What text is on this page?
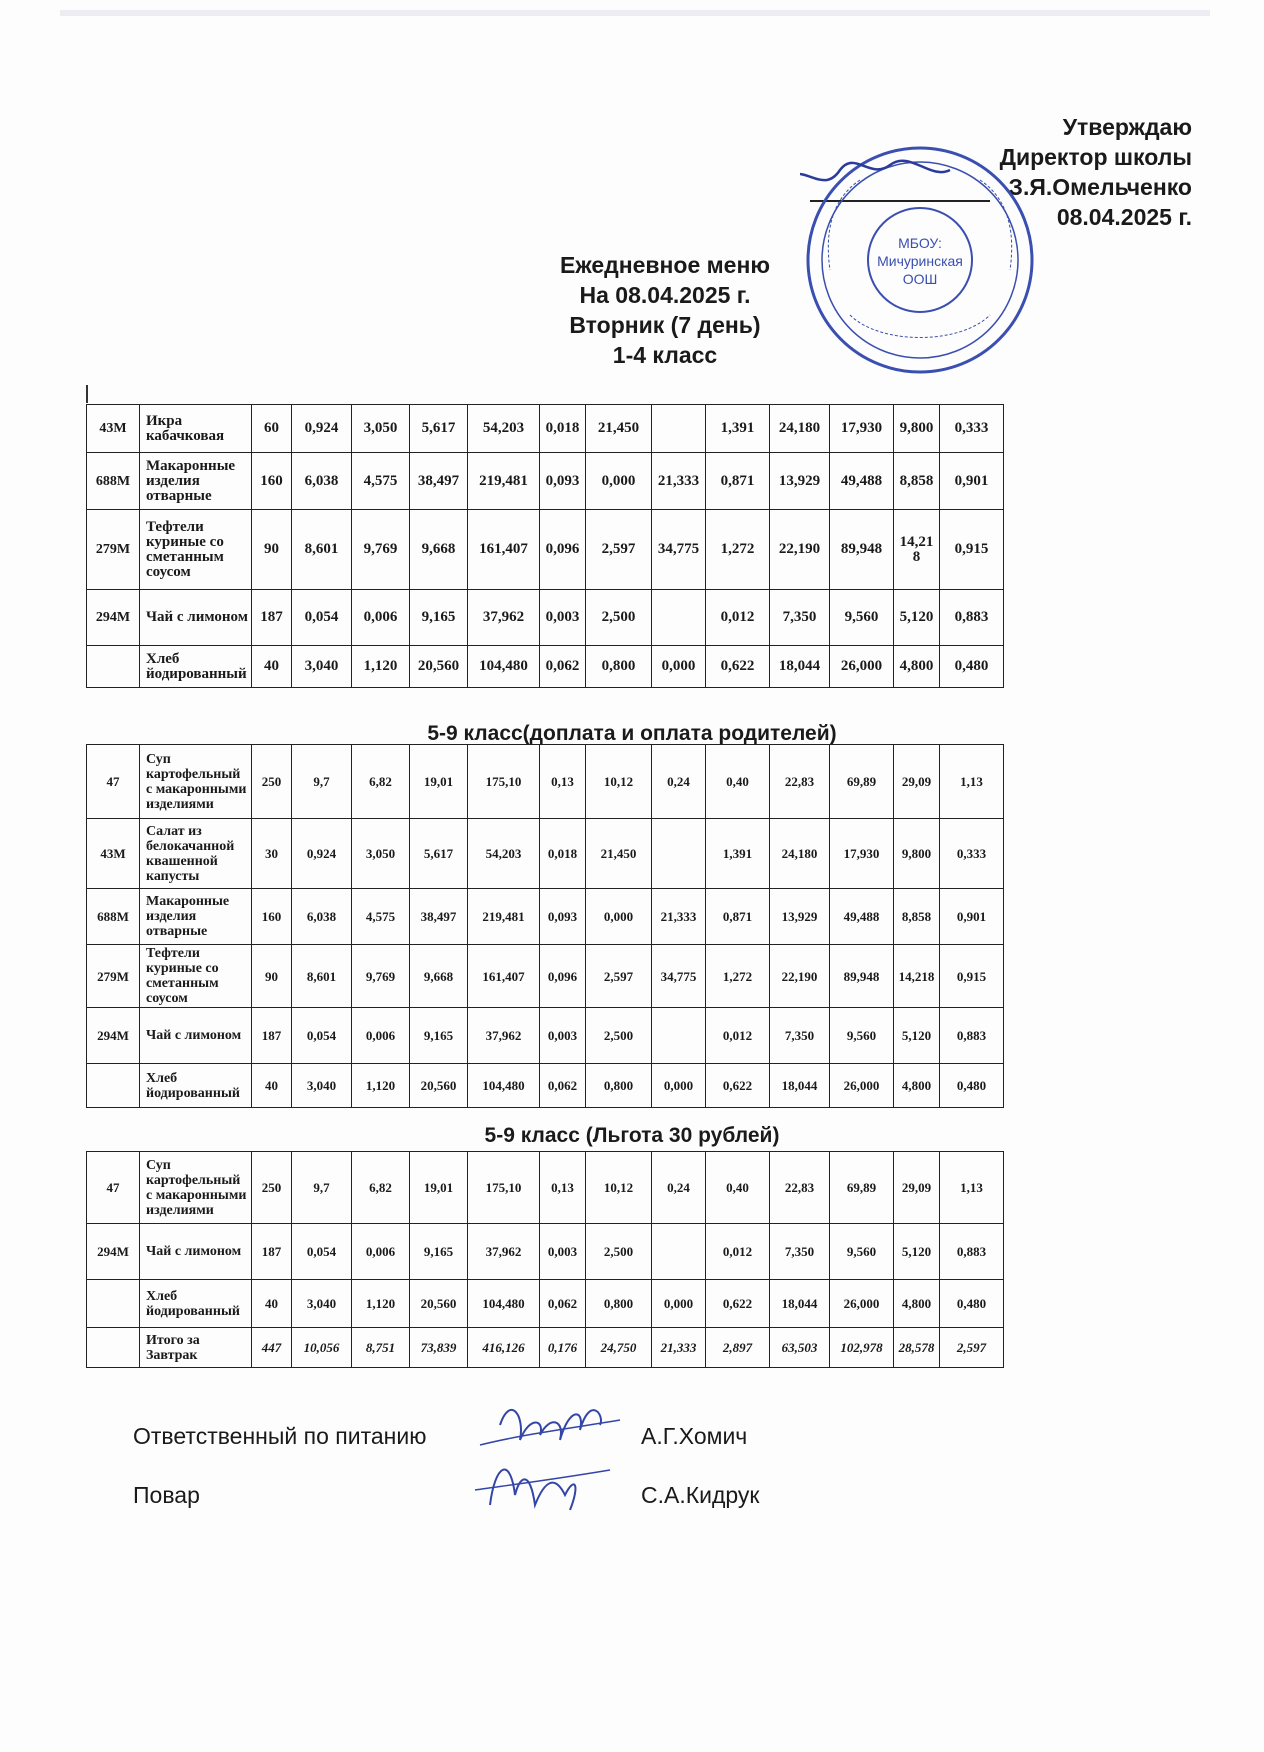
Утверждаю
Директор школы
З.Я.Омельченко
08.04.2025 г.
МБОУ:
Мичуринская
ООШ
Ежедневное меню
На 08.04.2025 г.
Вторник (7 день)
1-4 класс
43М	Икра кабачковая	60	0,924	3,050	5,617	54,203	0,018	21,450		1,391	24,180	17,930	9,800	0,333
688М	Макаронные изделия отварные	160	6,038	4,575	38,497	219,481	0,093	0,000	21,333	0,871	13,929	49,488	8,858	0,901
279М	Тефтели куриные со сметанным соусом	90	8,601	9,769	9,668	161,407	0,096	2,597	34,775	1,272	22,190	89,948	14,218	0,915
294М	Чай с лимоном	187	0,054	0,006	9,165	37,962	0,003	2,500		0,012	7,350	9,560	5,120	0,883
	Хлеб йодированный	40	3,040	1,120	20,560	104,480	0,062	0,800	0,000	0,622	18,044	26,000	4,800	0,480
5-9 класс(доплата и оплата родителей)
47	Суп картофельный с макаронными изделиями	250	9,7	6,82	19,01	175,10	0,13	10,12	0,24	0,40	22,83	69,89	29,09	1,13
43М	Салат из белокачанной квашенной капусты	30	0,924	3,050	5,617	54,203	0,018	21,450		1,391	24,180	17,930	9,800	0,333
688М	Макаронные изделия отварные	160	6,038	4,575	38,497	219,481	0,093	0,000	21,333	0,871	13,929	49,488	8,858	0,901
279М	Тефтели куриные со сметанным соусом	90	8,601	9,769	9,668	161,407	0,096	2,597	34,775	1,272	22,190	89,948	14,218	0,915
294М	Чай с лимоном	187	0,054	0,006	9,165	37,962	0,003	2,500		0,012	7,350	9,560	5,120	0,883
	Хлеб йодированный	40	3,040	1,120	20,560	104,480	0,062	0,800	0,000	0,622	18,044	26,000	4,800	0,480
5-9 класс (Льгота 30 рублей)
47	Суп картофельный с макаронными изделиями	250	9,7	6,82	19,01	175,10	0,13	10,12	0,24	0,40	22,83	69,89	29,09	1,13
294М	Чай с лимоном	187	0,054	0,006	9,165	37,962	0,003	2,500		0,012	7,350	9,560	5,120	0,883
	Хлеб йодированный	40	3,040	1,120	20,560	104,480	0,062	0,800	0,000	0,622	18,044	26,000	4,800	0,480
	Итого за Завтрак	447	10,056	8,751	73,839	416,126	0,176	24,750	21,333	2,897	63,503	102,978	28,578	2,597
Ответственный по питанию	А.Г.Хомич
Повар	С.А.Кидрук
